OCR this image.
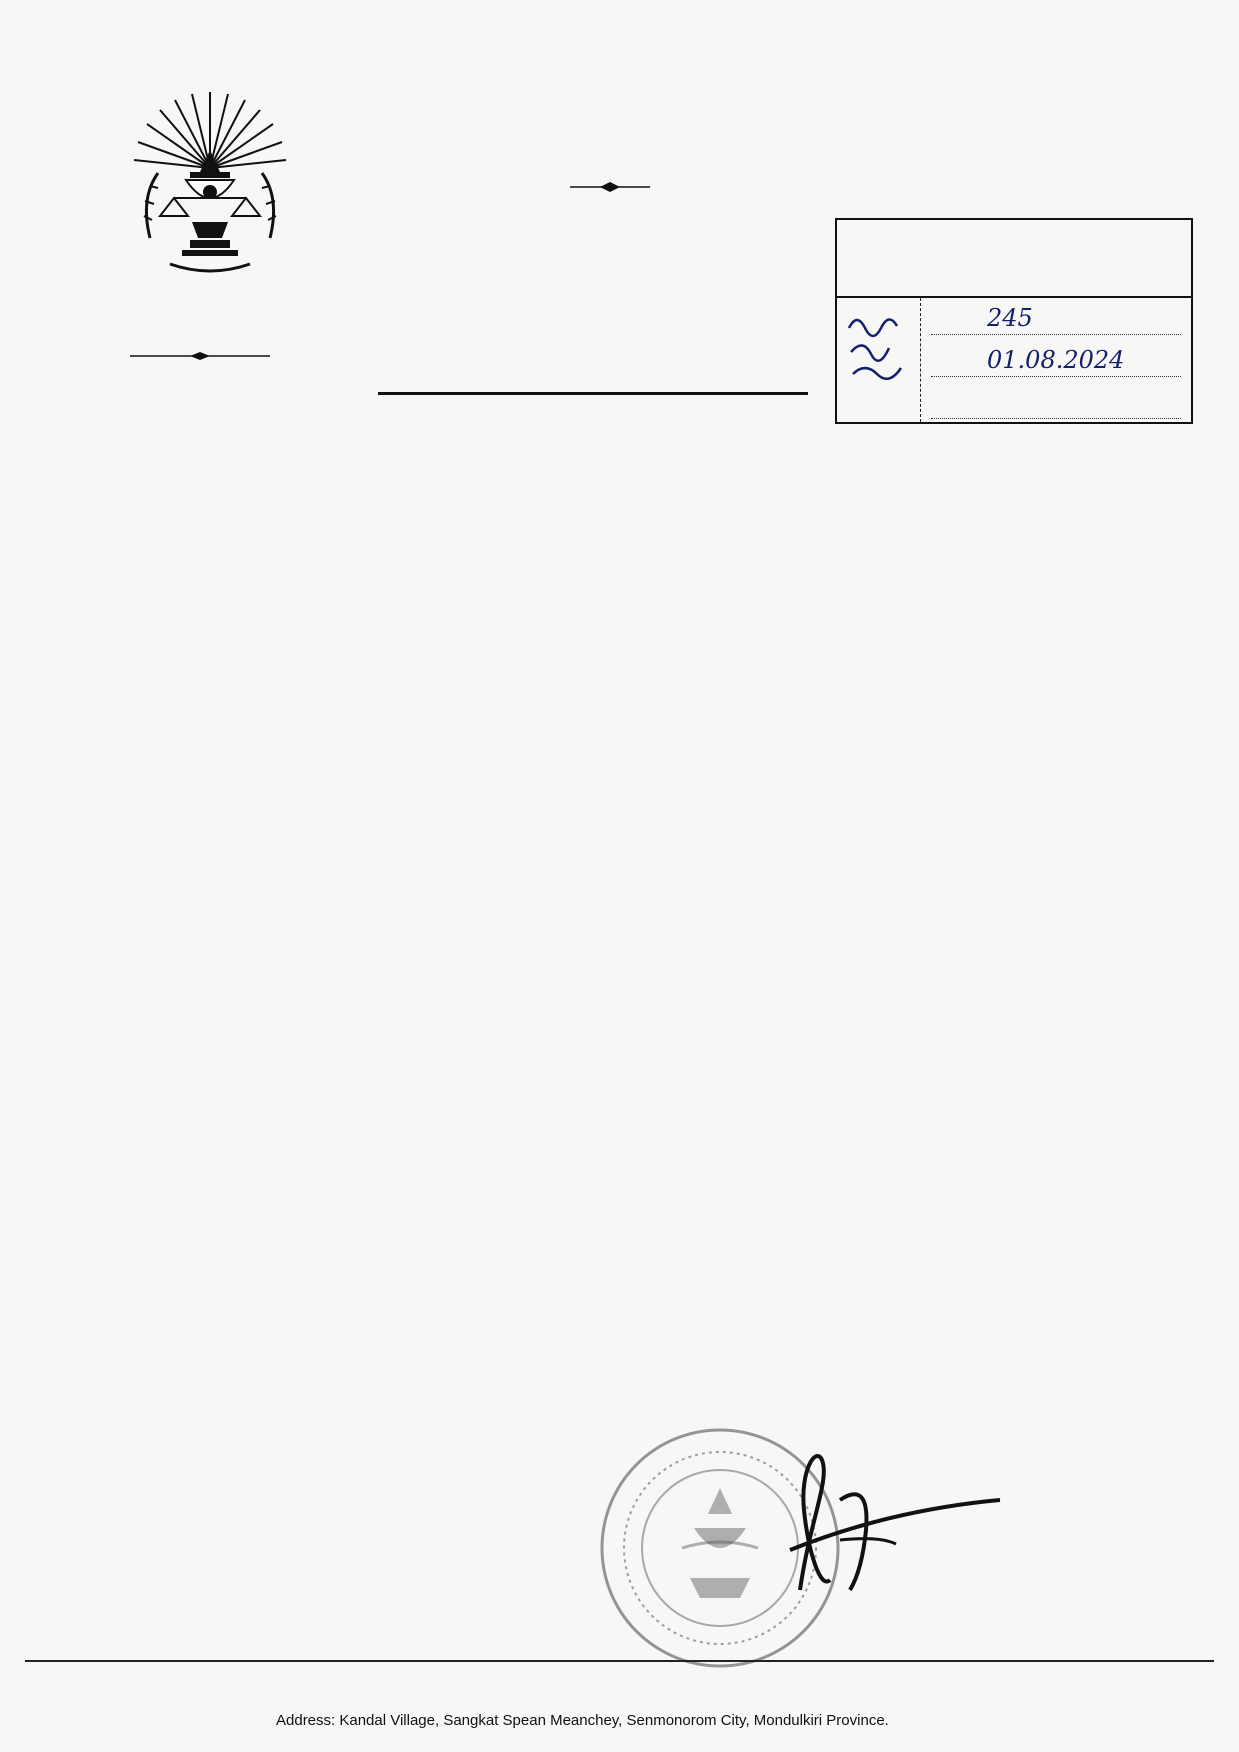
245
01.08.2024
Address: Kandal Village, Sangkat Spean Meanchey, Senmonorom City, Mondulkiri Province.
